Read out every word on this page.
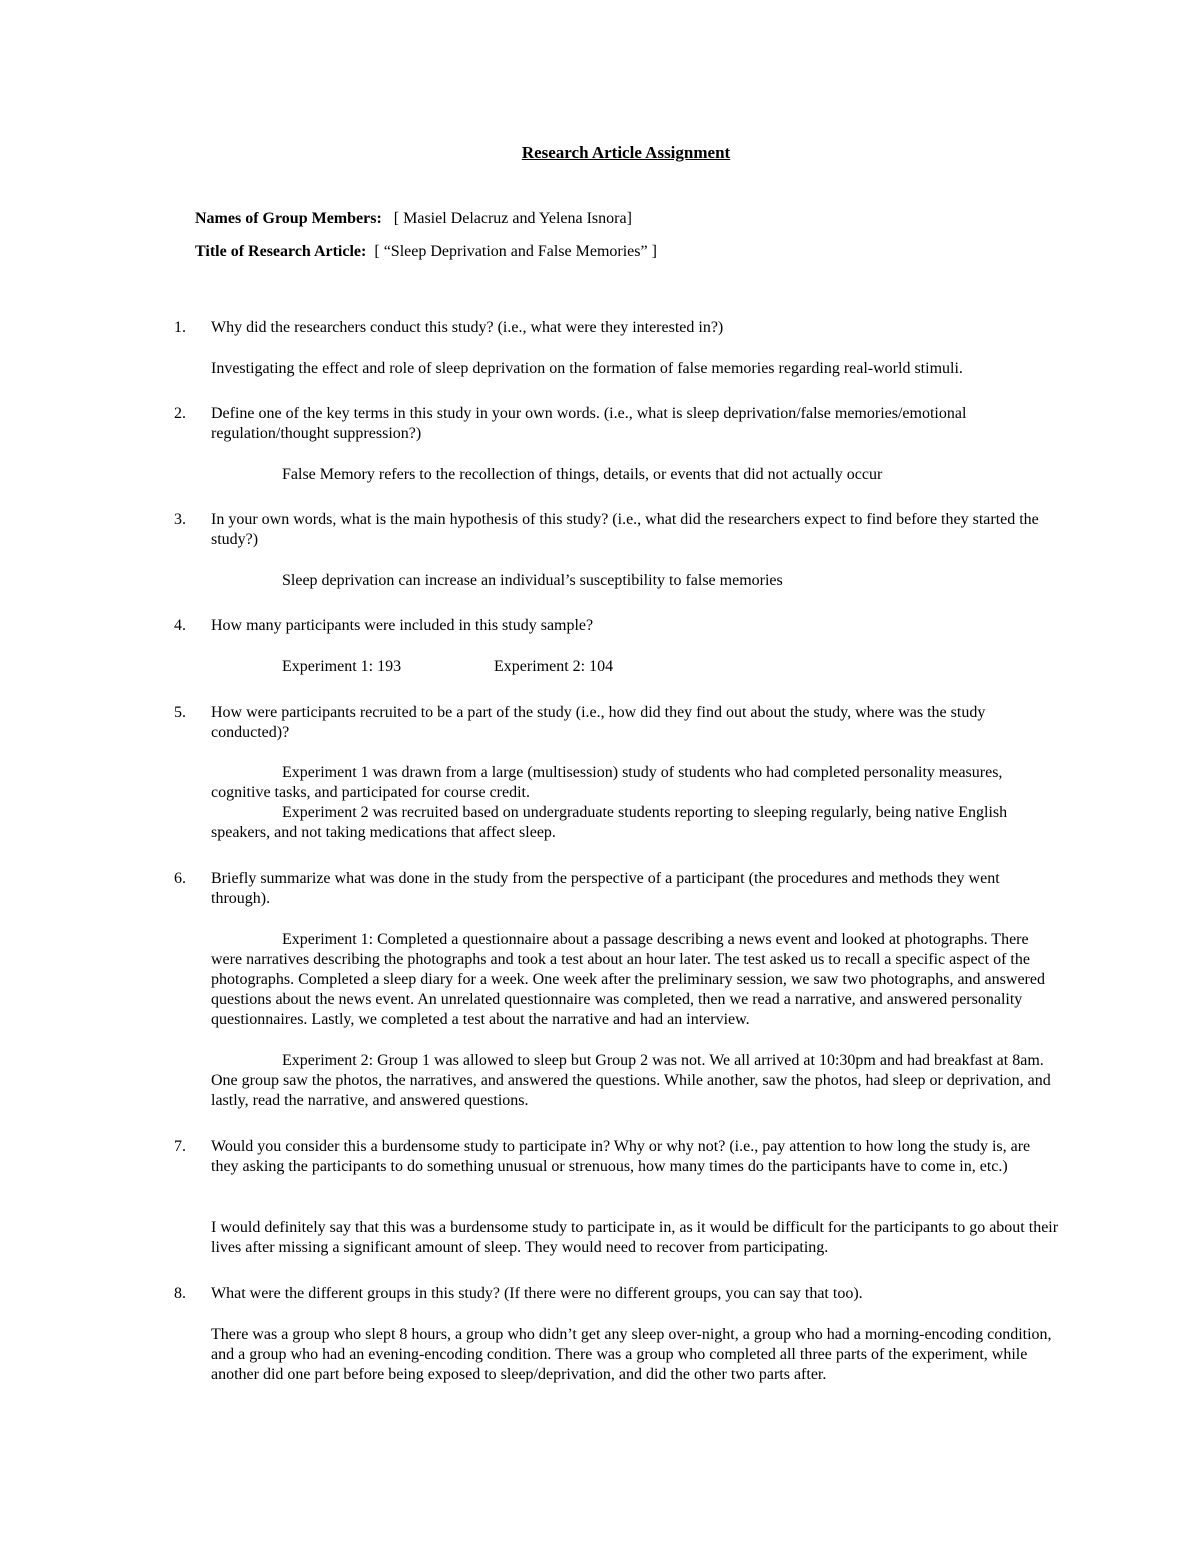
Research Article Assignment
Names of Group Members: [ Masiel Delacruz and Yelena Isnora]
Title of Research Article: [ “Sleep Deprivation and False Memories” ]
1. Why did the researchers conduct this study? (i.e., what were they interested in?)
Investigating the effect and role of sleep deprivation on the formation of false memories regarding real-world stimuli.
2. Define one of the key terms in this study in your own words. (i.e., what is sleep deprivation/false memories/emotional regulation/thought suppression?)
False Memory refers to the recollection of things, details, or events that did not actually occur
3. In your own words, what is the main hypothesis of this study? (i.e., what did the researchers expect to find before they started the study?)
Sleep deprivation can increase an individual’s susceptibility to false memories
4. How many participants were included in this study sample?
Experiment 1: 193	Experiment 2: 104
5. How were participants recruited to be a part of the study (i.e., how did they find out about the study, where was the study conducted)?
Experiment 1 was drawn from a large (multisession) study of students who had completed personality measures, cognitive tasks, and participated for course credit.
Experiment 2 was recruited based on undergraduate students reporting to sleeping regularly, being native English speakers, and not taking medications that affect sleep.
6. Briefly summarize what was done in the study from the perspective of a participant (the procedures and methods they went through).
Experiment 1: Completed a questionnaire about a passage describing a news event and looked at photographs. There were narratives describing the photographs and took a test about an hour later. The test asked us to recall a specific aspect of the photographs. Completed a sleep diary for a week. One week after the preliminary session, we saw two photographs, and answered questions about the news event. An unrelated questionnaire was completed, then we read a narrative, and answered personality questionnaires. Lastly, we completed a test about the narrative and had an interview.
Experiment 2: Group 1 was allowed to sleep but Group 2 was not. We all arrived at 10:30pm and had breakfast at 8am. One group saw the photos, the narratives, and answered the questions. While another, saw the photos, had sleep or deprivation, and lastly, read the narrative, and answered questions.
7. Would you consider this a burdensome study to participate in? Why or why not? (i.e., pay attention to how long the study is, are they asking the participants to do something unusual or strenuous, how many times do the participants have to come in, etc.)
I would definitely say that this was a burdensome study to participate in, as it would be difficult for the participants to go about their lives after missing a significant amount of sleep. They would need to recover from participating.
8. What were the different groups in this study? (If there were no different groups, you can say that too).
There was a group who slept 8 hours, a group who didn’t get any sleep over-night, a group who had a morning-encoding condition, and a group who had an evening-encoding condition. There was a group who completed all three parts of the experiment, while another did one part before being exposed to sleep/deprivation, and did the other two parts after.
